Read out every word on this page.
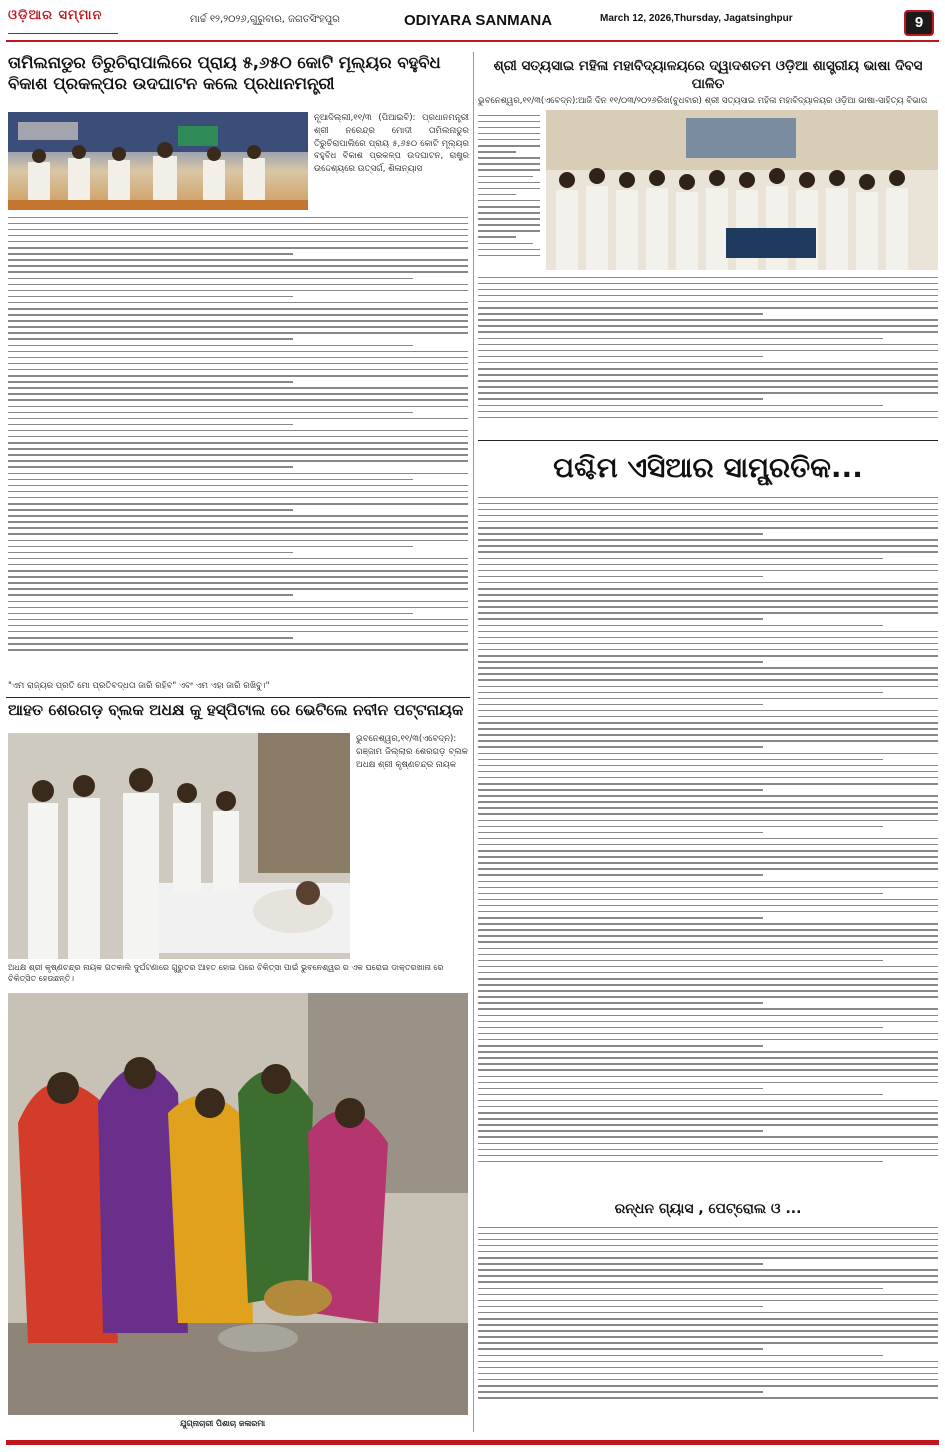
ଓଡ଼ିଆର ସମ୍ମାନ	ମାର୍ଚ୍ଚ ୧୨,୨୦୨୬,ଗୁରୁବାର, ଜଗତସିଂହପୁର	ODIYARA SANMANA	March 12, 2026,Thursday, Jagatsinghpur	9
ତାମିଲନାଡୁର ତିରୁଚିରାପାଲିରେ ପ୍ରାୟ ୫,୬୫୦ କୋଟି ମୂଲ୍ୟର ବହୁବିଧ ବିକାଶ ପ୍ରକଳ୍ପର ଉଦଘାଟନ କଲେ ପ୍ରଧାନମନ୍ତ୍ରୀ
ନୂଆଦିଲ୍ଲୀ,୧୧/୩ (ପିଆଇବି): ପ୍ରଧାନମନ୍ତ୍ରୀ ଶ୍ରୀ ନରେନ୍ଦ୍ର ମୋଦୀ ତାମିଲନାଡୁର ତିରୁଚିରାପାଲିରେ ପ୍ରାୟ ୫,୬୫୦ କୋଟି ମୂଲ୍ୟର ବହୁବିଧ ବିକାଶ ପ୍ରକଳ୍ପ ଉଦଘାଟନ, ରାଷ୍ଟ୍ର ଉଦ୍ଦେଶ୍ୟରେ ଉତ୍ସର୍ଗ, ଶିଳାନ୍ୟାସ
"ଏମ ରାଜ୍ୟର ପ୍ରତି ମୋ ପ୍ରତିବଦ୍ଧତା ଜାରି ରହିବ" ଏବଂ ଏମ ଏହା ଜାରି ରଖିବୁ।"
ଆହତ ଶେରଗଡ଼ ବ୍ଲକ ଅଧକ୍ଷ କୁ ହସ୍ପିଟାଲ ରେ ଭେଟିଲେ ନବୀନ ପଟ୍ଟନାୟକ
ଭୁବନେଶ୍ୱର,୧୧/୩(ଏବେଦ୍ନ): ଗଞ୍ଜାମ ଜିଲ୍ଲାର ଶେରଗଡ଼ ବ୍ଲକ ଅଧକ୍ଷ ଶ୍ରୀ କୃଷ୍ଣଚନ୍ଦ୍ର ନାୟକ
ଅଧକ୍ଷ ଶ୍ରୀ କୃଷ୍ଣଚନ୍ଦ୍ର ନାୟକ ଗତକାଲି ଦୁର୍ଘଟଣାରେ ଗୁରୁତର ଆହତ ହୋଇ ପରେ ଚିକିତ୍ସା ପାଇଁ ଭୁବନେଶ୍ୱର ର ଏକ ଘରୋଇ ଡାକ୍ତରଖାନା ରେ ଚିକିତ୍ସିତ ହେଉଛନ୍ତି।
ଯୁଗ୍ନାଚାରୀ ପିଶାଚା ଜଳାରମା
ଶ୍ରୀ ସତ୍ୟସାଇ ମହିଳା ମହାବିଦ୍ୟାଳୟରେ ଦ୍ୱାଦଶତମ ଓଡ଼ିଆ ଶାସ୍ତ୍ରୀୟ ଭାଷା ଦିବସ ପାଳିତ
ଭୁବନେଶ୍ୱର,୧୧/୩(ଏବେଦ୍ନ):ଆଜି ଦିନ ୧୧/୦୩/୨୦୨୬ରିଖ(ବୁଧବାର) ଶ୍ରୀ ସତ୍ୟସାଇ ମହିଳା ମହାବିଦ୍ୟାଳୟର ଓଡ଼ିଆ ଭାଷା-ସାହିତ୍ୟ ବିଭାଗ
ପଶ୍ଚିମ ଏସିଆର ସାମ୍ପ୍ରତିକ...
ରନ୍ଧନ ଗ୍ୟାସ , ପେଟ୍ରୋଲ ଓ ...
